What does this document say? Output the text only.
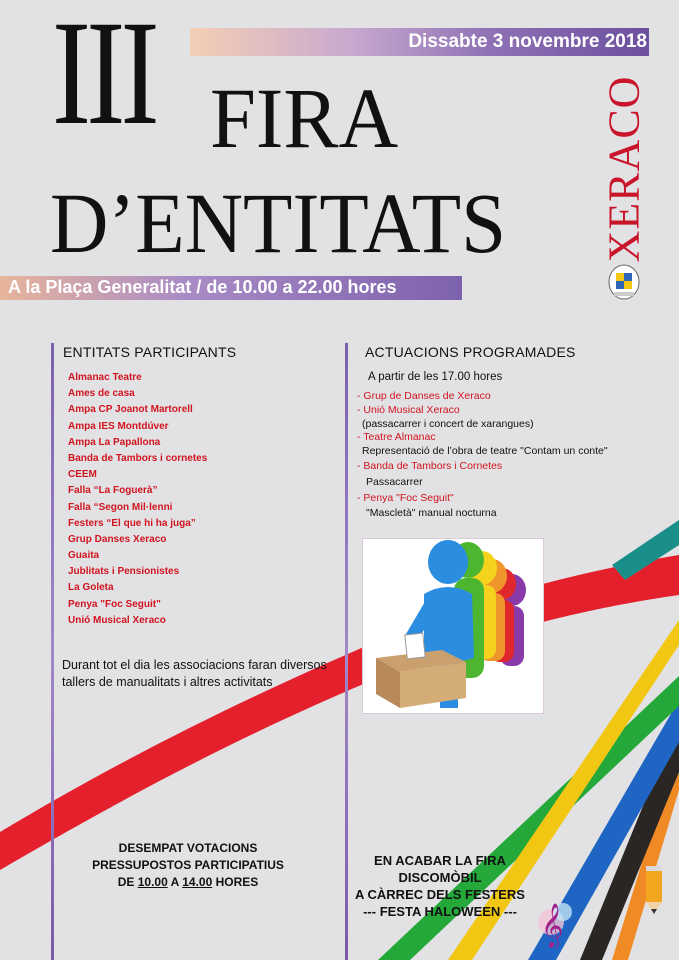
Dissabte 3 novembre 2018
III FIRA
D’ENTITATS XERACO
A la Plaça Generalitat / de 10.00 a 22.00 hores
ENTITATS PARTICIPANTS
Almanac Teatre
Ames de casa
Ampa CP Joanot Martorell
Ampa IES Montdúver
Ampa La Papallona
Banda de Tambors i cornetes
CEEM
Falla “La Foguerà”
Falla “Segon Mil·lenni
Festers “El que hi ha juga”
Grup Danses Xeraco
Guaita
Jublitats i Pensionistes
La Goleta
Penya "Foc Seguit"
Unió Musical Xeraco
Durant tot el dia les associacions faran diversos tallers de manualitats i altres activitats
ACTUACIONS PROGRAMADES
A partir de les 17.00 hores
- Grup de Danses de Xeraco
- Unió Musical Xeraco
(passacarrer i concert de xarangues)
- Teatre Almanac
Representació de l’obra de teatre "Contam un conte"
- Banda de Tambors i Cornetes
Passacarrer
- Penya "Foc Seguit"
"Mascletà" manual nocturna
DESEMPAT VOTACIONS
PRESSUPOSTOS PARTICIPATIUS
DE 10.00 A 14.00 HORES
EN ACABAR LA FIRA
DISCOMÒBIL
A CÀRREC DELS FESTERS
--- FESTA HALOWEEN --- 𝄞
